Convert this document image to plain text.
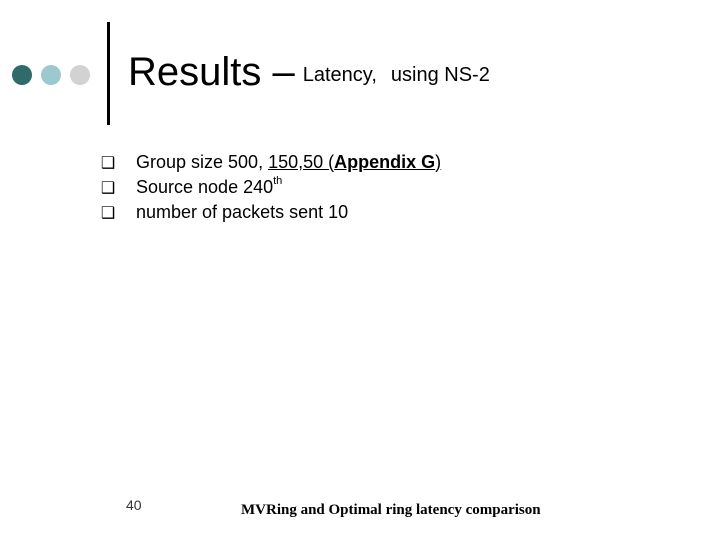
Results – Latency, using NS-2
❑ Group size 500, 150,50 (Appendix G)
❑ Source node 240th
❑ number of packets sent 10
40	MVRing and Optimal ring latency comparison
